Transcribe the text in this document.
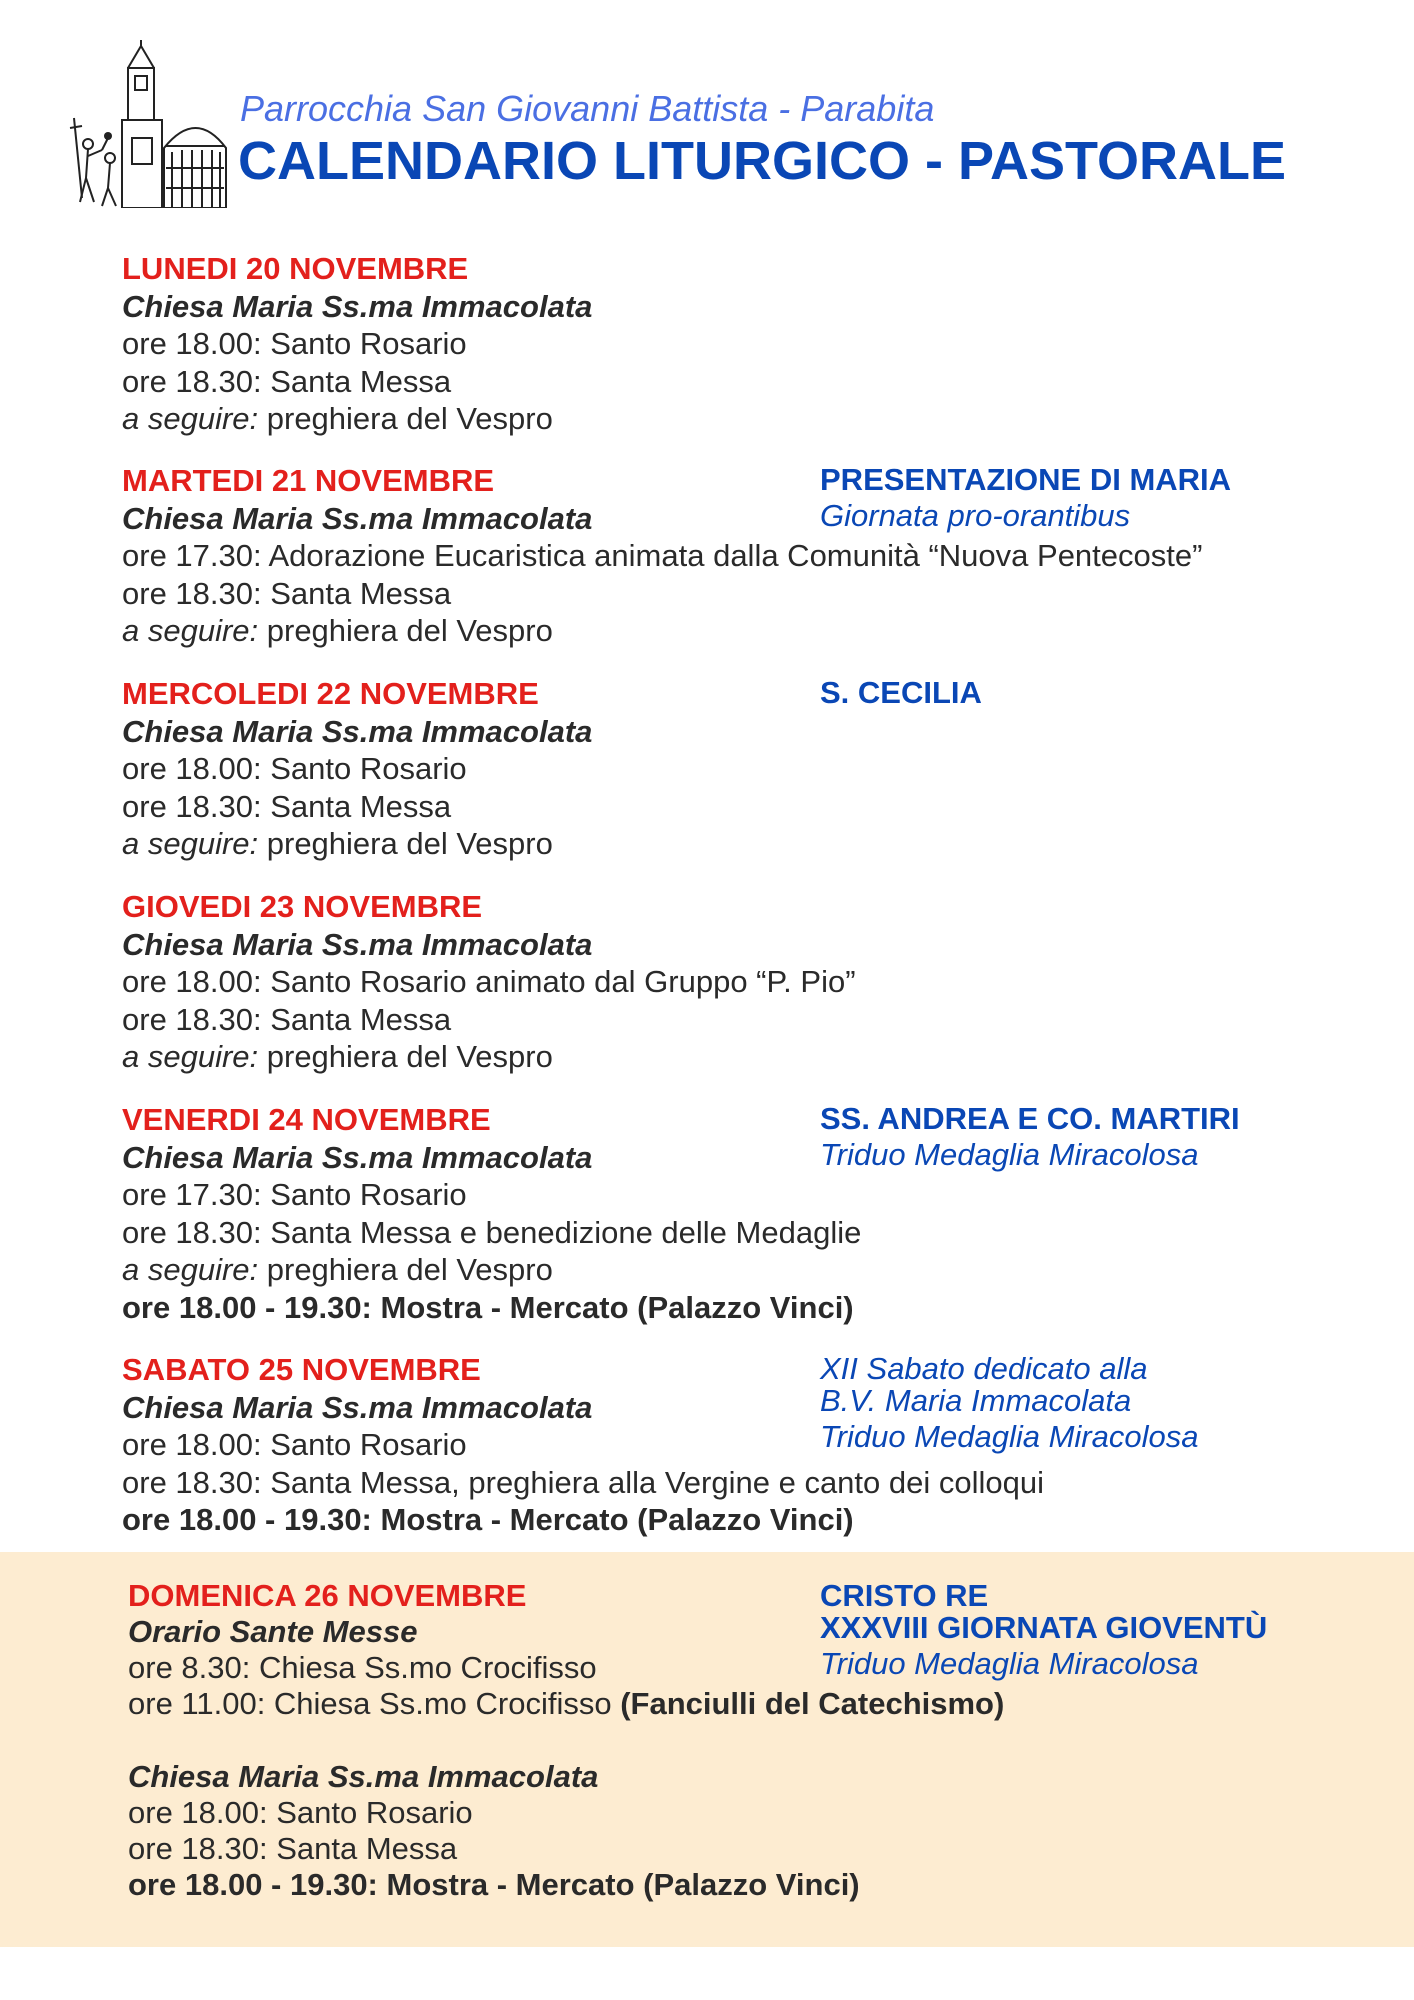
Parrocchia San Giovanni Battista - Parabita
CALENDARIO LITURGICO - PASTORALE
LUNEDI 20 NOVEMBRE
Chiesa Maria Ss.ma Immacolata
ore 18.00: Santo Rosario
ore 18.30: Santa Messa
a seguire: preghiera del Vespro
MARTEDI 21 NOVEMBRE
Chiesa Maria Ss.ma Immacolata
ore 17.30: Adorazione Eucaristica animata dalla Comunità “Nuova Pentecoste”
ore 18.30: Santa Messa
a seguire: preghiera del Vespro
PRESENTAZIONE DI MARIA
Giornata pro-orantibus
MERCOLEDI 22 NOVEMBRE
Chiesa Maria Ss.ma Immacolata
ore 18.00: Santo Rosario
ore 18.30: Santa Messa
a seguire: preghiera del Vespro
S. CECILIA
GIOVEDI 23 NOVEMBRE
Chiesa Maria Ss.ma Immacolata
ore 18.00: Santo Rosario animato dal Gruppo “P. Pio”
ore 18.30: Santa Messa
a seguire: preghiera del Vespro
VENERDI 24 NOVEMBRE
Chiesa Maria Ss.ma Immacolata
ore 17.30: Santo Rosario
ore 18.30: Santa Messa e benedizione delle Medaglie
a seguire: preghiera del Vespro
ore 18.00 - 19.30: Mostra - Mercato (Palazzo Vinci)
SS. ANDREA E CO. MARTIRI
Triduo Medaglia Miracolosa
SABATO 25 NOVEMBRE
Chiesa Maria Ss.ma Immacolata
ore 18.00: Santo Rosario
ore 18.30: Santa Messa, preghiera alla Vergine e canto dei colloqui
ore 18.00 - 19.30: Mostra - Mercato (Palazzo Vinci)
XII Sabato dedicato alla
B.V. Maria Immacolata
Triduo Medaglia Miracolosa
DOMENICA 26 NOVEMBRE
Orario Sante Messe
ore 8.30: Chiesa Ss.mo Crocifisso
ore 11.00: Chiesa Ss.mo Crocifisso (Fanciulli del Catechismo)
Chiesa Maria Ss.ma Immacolata
ore 18.00: Santo Rosario
ore 18.30: Santa Messa
ore 18.00 - 19.30: Mostra - Mercato (Palazzo Vinci)
CRISTO RE
XXXVIII GIORNATA GIOVENTÙ
Triduo Medaglia Miracolosa
